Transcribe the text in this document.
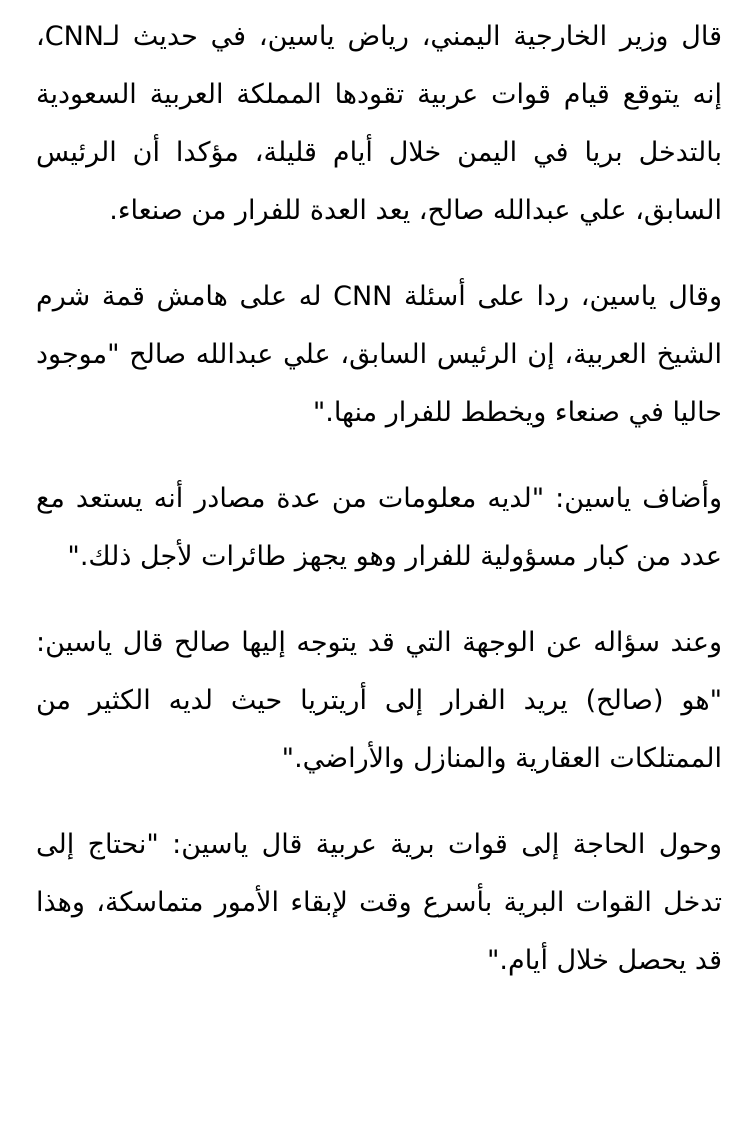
قال وزير الخارجية اليمني، رياض ياسين، في حديث لـCNN، إنه يتوقع قيام قوات عربية تقودها المملكة العربية السعودية بالتدخل بريا في اليمن خلال أيام قليلة، مؤكدا أن الرئيس السابق، علي عبدالله صالح، يعد العدة للفرار من صنعاء.

وقال ياسين، ردا على أسئلة CNN له على هامش قمة شرم الشيخ العربية، إن الرئيس السابق، علي عبدالله صالح "موجود حاليا في صنعاء ويخطط للفرار منها."

وأضاف ياسين: "لديه معلومات من عدة مصادر أنه يستعد مع عدد من كبار مسؤولية للفرار وهو يجهز طائرات لأجل ذلك."

وعند سؤاله عن الوجهة التي قد يتوجه إليها صالح قال ياسين: "هو (صالح) يريد الفرار إلى أريتريا حيث لديه الكثير من الممتلكات العقارية والمنازل والأراضي."

وحول الحاجة إلى قوات برية عربية قال ياسين: "نحتاج إلى تدخل القوات البرية بأسرع وقت لإبقاء الأمور متماسكة، وهذا قد يحصل خلال أيام."
